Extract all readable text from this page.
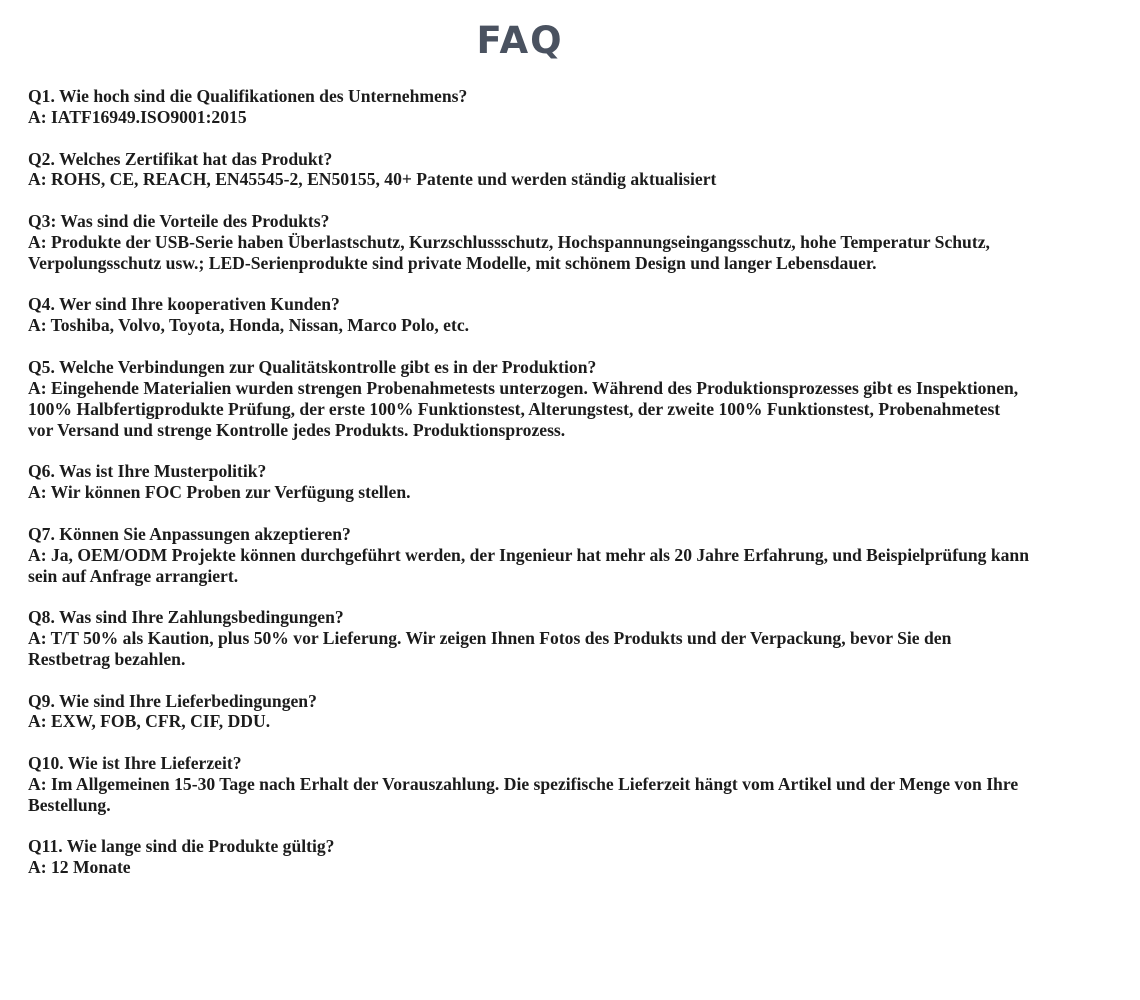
FAQ
Q1. Wie hoch sind die Qualifikationen des Unternehmens?
A: IATF16949.ISO9001:2015
Q2. Welches Zertifikat hat das Produkt?
A: ROHS, CE, REACH, EN45545-2, EN50155, 40+ Patente und werden ständig aktualisiert
Q3: Was sind die Vorteile des Produkts?
A: Produkte der USB-Serie haben Überlastschutz, Kurzschlussschutz, Hochspannungseingangsschutz, hohe Temperatur Schutz,
Verpolungsschutz usw.; LED-Serienprodukte sind private Modelle, mit schönem Design und langer Lebensdauer.
Q4. Wer sind Ihre kooperativen Kunden?
A: Toshiba, Volvo, Toyota, Honda, Nissan, Marco Polo, etc.
Q5. Welche Verbindungen zur Qualitätskontrolle gibt es in der Produktion?
A: Eingehende Materialien wurden strengen Probenahmetests unterzogen. Während des Produktionsprozesses gibt es Inspektionen,
100% Halbfertigprodukte Prüfung, der erste 100% Funktionstest, Alterungstest, der zweite 100% Funktionstest, Probenahmetest
vor Versand und strenge Kontrolle jedes Produkts. Produktionsprozess.
Q6. Was ist Ihre Musterpolitik?
A: Wir können FOC Proben zur Verfügung stellen.
Q7. Können Sie Anpassungen akzeptieren?
A: Ja, OEM/ODM Projekte können durchgeführt werden, der Ingenieur hat mehr als 20 Jahre Erfahrung, und Beispielprüfung kann
sein auf Anfrage arrangiert.
Q8. Was sind Ihre Zahlungsbedingungen?
A: T/T 50% als Kaution, plus 50% vor Lieferung. Wir zeigen Ihnen Fotos des Produkts und der Verpackung, bevor Sie den
Restbetrag bezahlen.
Q9. Wie sind Ihre Lieferbedingungen?
A: EXW, FOB, CFR, CIF, DDU.
Q10. Wie ist Ihre Lieferzeit?
A: Im Allgemeinen 15-30 Tage nach Erhalt der Vorauszahlung. Die spezifische Lieferzeit hängt vom Artikel und der Menge von Ihre
Bestellung.
Q11. Wie lange sind die Produkte gültig?
A: 12 Monate
